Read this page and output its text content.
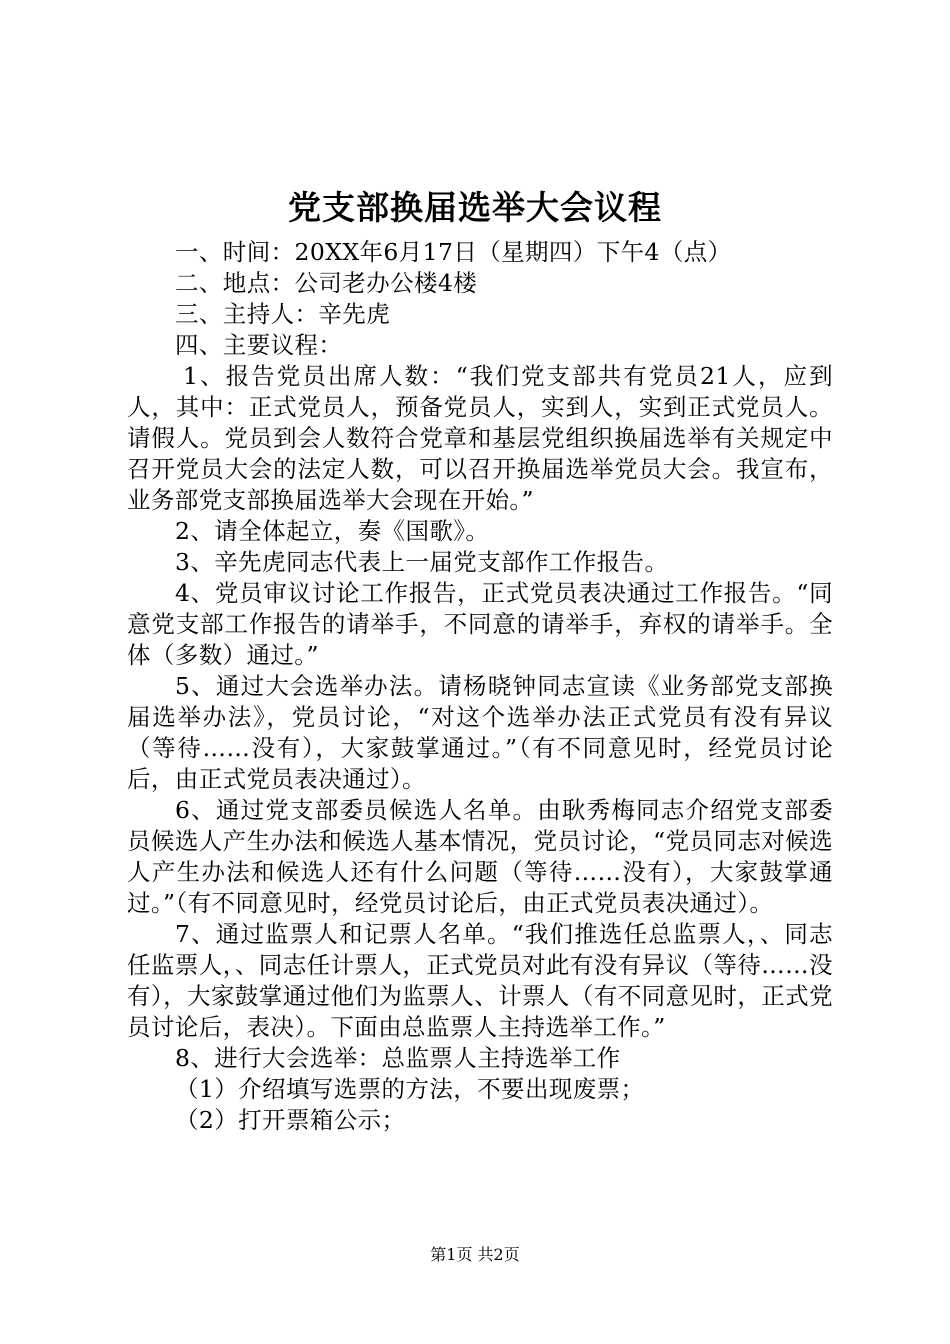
党支部换届选举大会议程

一、时间：20XX年6月17日（星期四）下午4（点）

二、地点：公司老办公楼4楼

三、主持人：辛先虎

四、主要议程：

1、报告党员出席人数：“我们党支部共有党员21人，应到人，其中：正式党员人，预备党员人，实到人，实到正式党员人。请假人。党员到会人数符合党章和基层党组织换届选举有关规定中召开党员大会的法定人数，可以召开换届选举党员大会。我宣布，业务部党支部换届选举大会现在开始。”

2、请全体起立，奏《国歌》。

3、辛先虎同志代表上一届党支部作工作报告。

4、党员审议讨论工作报告，正式党员表决通过工作报告。“同意党支部工作报告的请举手，不同意的请举手，弃权的请举手。全体（多数）通过。”

5、通过大会选举办法。请杨晓钟同志宣读《业务部党支部换届选举办法》，党员讨论，“对这个选举办法正式党员有没有异议（等待……没有），大家鼓掌通过。”（有不同意见时，经党员讨论后，由正式党员表决通过）。

6、通过党支部委员候选人名单。由耿秀梅同志介绍党支部委员候选人产生办法和候选人基本情况，党员讨论，“党员同志对候选人产生办法和候选人还有什么问题（等待……没有），大家鼓掌通过。”（有不同意见时，经党员讨论后，由正式党员表决通过）。

7、通过监票人和记票人名单。“我们推选任总监票人，、同志任监票人，、同志任计票人，正式党员对此有没有异议（等待……没有），大家鼓掌通过他们为监票人、计票人（有不同意见时，正式党员讨论后，表决）。下面由总监票人主持选举工作。”

8、进行大会选举：总监票人主持选举工作

（1）介绍填写选票的方法，不要出现废票；

（2）打开票箱公示；

第1页 共2页
